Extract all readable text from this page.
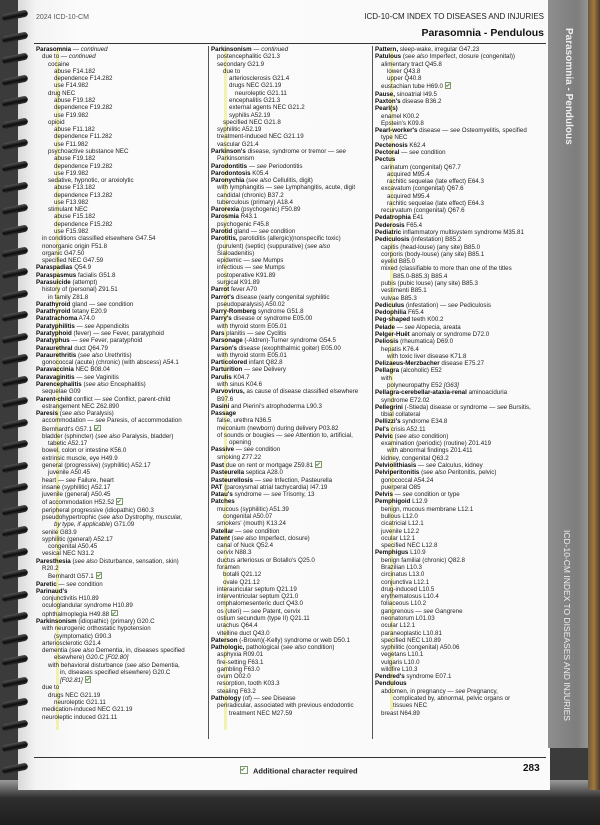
Parasomnia - Pendulous
ICD-10-CM INDEX TO DISEASES AND INJURIES
2024 ICD-10-CM	ICD-10-CM INDEX TO DISEASES AND INJURIES
Parasomnia - Pendulous
Parasomnia — continued
due to — continued
cocaine
abuse F14.182
dependence F14.282
use F14.982
drug NEC
abuse F19.182
dependence F19.282
use F19.982
opioid
abuse F11.182
dependence F11.282
use F11.982
psychoactive substance NEC
abuse F19.182
dependence F19.282
use F19.982
sedative, hypnotic, or anxiolytic
abuse F13.182
dependence F13.282
use F13.982
stimulant NEC
abuse F15.182
dependence F15.282
use F15.982
in conditions classified elsewhere G47.54
nonorganic origin F51.8
organic G47.50
specified NEC G47.59
Paraspadias Q54.9
Paraspasmus facialis G51.8
Parasuicide (attempt)
history of (personal) Z91.51
in family Z81.8
Parathyroid gland — see condition
Parathyroid tetany E20.9
Paratrachoma A74.0
Paratyphilitis — see Appendicitis
Paratyphoid (fever) — see Fever, paratyphoid
Paratyphus — see Fever, paratyphoid
Paraurethral duct Q64.79
Paraurethritis (see also Urethritis)
gonococcal (acute) (chronic) (with abscess) A54.1
Paravaccinia NEC B08.04
Paravaginitis — see Vaginitis
Parencephalitis (see also Encephalitis)
sequelae G09
Parent-child conflict — see Conflict, parent-child
estrangement NEC Z62.890
Paresis (see also Paralysis)
accommodation — see Paresis, of accommodation
Bernhardt's G57.1
bladder (sphincter) (see also Paralysis, bladder)
tabetic A52.17
bowel, colon or intestine K56.0
extrinsic muscle, eye H49.9
general (progressive) (syphilitic) A52.17
juvenile A50.45
heart — see Failure, heart
insane (syphilitic) A52.17
juvenile (general) A50.45
of accommodation H52.52
peripheral progressive (idiopathic) G60.3
pseudohypertrophic (see also Dystrophy, muscular,
by type, if applicable) G71.09
senile G83.9
syphilitic (general) A52.17
congenital A50.45
vesical NEC N31.2
Paresthesia (see also Disturbance, sensation, skin)
R20.2
Bernhardt G57.1
Paretic — see condition
Parinaud's
conjunctivitis H10.89
oculoglandular syndrome H10.89
ophthalmoplegia H49.88
Parkinsonism (idiopathic) (primary) G20.C
with neurogenic orthostatic hypotension
(symptomatic) G90.3
arteriosclerotic G21.4
dementia (see also Dementia, in, diseases specified
elsewhere) G20.C [F02.80]
with behavioral disturbance (see also Dementia,
in, diseases specified elsewhere) G20.C
[F02.81]
due to
drugs NEC G21.19
neuroleptic G21.11
medication-induced NEC G21.19
neuroleptic induced G21.11
Parkinsonism — continued
postencephalitic G21.3
secondary G21.9
due to
arteriosclerosis G21.4
drugs NEC G21.19
neuroleptic G21.11
encephalitis G21.3
external agents NEC G21.2
syphilis A52.19
specified NEC G21.8
syphilitic A52.19
treatment-induced NEC G21.19
vascular G21.4
Parkinson's disease, syndrome or tremor — see
Parkinsonism
Parodontitis — see Periodontitis
Parodontosis K05.4
Paronychia (see also Cellulitis, digit)
with lymphangitis — see Lymphangitis, acute, digit
candidal (chronic) B37.2
tuberculous (primary) A18.4
Parorexia (psychogenic) F50.89
Parosmia R43.1
psychogenic F45.8
Parotid gland — see condition
Parotitis, parotiditis (allergic)(nonspecific toxic)
(purulent) (septic) (suppurative) (see also
Sialoadenitis)
epidemic — see Mumps
infectious — see Mumps
postoperative K91.89
surgical K91.89
Parrot fever A70
Parrot's disease (early congenital syphilitic
pseudoparalysis) A50.02
Parry-Romberg syndrome G51.8
Parry's disease or syndrome E05.00
with thyroid storm E05.01
Pars planitis — see Cyclitis
Parsonage (-Aldren)-Turner syndrome G54.5
Parson's disease (exophthalmic goiter) E05.00
with thyroid storm E05.01
Particolored infant Q82.8
Parturition — see Delivery
Parulis K04.7
with sinus K04.6
Parvovirus, as cause of disease classified elsewhere
B97.6
Pasini and Pierini's atrophoderma L90.3
Passage
false, urethra N36.5
meconium (newborn) during delivery P03.82
of sounds or bougies — see Attention to, artificial,
opening
Passive — see condition
smoking Z77.22
Past due on rent or mortgage Z59.81
Pasteurella septica A28.0
Pasteurellosis — see Infection, Pasteurella
PAT (paroxysmal atrial tachycardia) I47.19
Patau's syndrome — see Trisomy, 13
Patches
mucous (syphilitic) A51.39
congenital A50.07
smokers' (mouth) K13.24
Patellar — see condition
Patent (see also Imperfect, closure)
canal of Nuck Q52.4
cervix N88.3
ductus arteriosus or Botallo's Q25.0
foramen
botalli Q21.12
ovale Q21.12
interauricular septum Q21.19
interventricular septum Q21.0
omphalomesenteric duct Q43.0
os (uteri) — see Patent, cervix
ostium secundum (type II) Q21.11
urachus Q64.4
vitelline duct Q43.0
Paterson (-Brown)(-Kelly) syndrome or web D50.1
Pathologic, pathological (see also condition)
asphyxia R09.01
fire-setting F63.1
gambling F63.0
ovum O02.0
resorption, tooth K03.3
stealing F63.2
Pathology (of) — see Disease
periradicular, associated with previous endodontic
treatment NEC M27.59
Pattern, sleep-wake, irregular G47.23
Patulous (see also Imperfect, closure (congenital))
alimentary tract Q45.8
lower Q43.8
upper Q40.8
eustachian tube H69.0
Pause, sinoatrial I49.5
Paxton's disease B36.2
Pearl(s)
enamel K00.2
Epstein's K09.8
Pearl-worker's disease — see Osteomyelitis, specified
type NEC
Pectenosis K62.4
Pectoral — see condition
Pectus
carinatum (congenital) Q67.7
acquired M95.4
rachitic sequelae (late effect) E64.3
excavatum (congenital) Q67.6
acquired M95.4
rachitic sequelae (late effect) E64.3
recurvatum (congenital) Q67.6
Pedatrophia E41
Pederosis F65.4
Pediatric inflammatory multisystem syndrome M35.81
Pediculosis (infestation) B85.2
capitis (head-louse) (any site) B85.0
corporis (body-louse) (any site) B85.1
eyelid B85.0
mixed (classifiable to more than one of the titles
B85.0-B85.3) B85.4
pubis (pubic louse) (any site) B85.3
vestimenti B85.1
vulvae B85.3
Pediculus (infestation) — see Pediculosis
Pedophilia F65.4
Peg-shaped teeth K00.2
Pelade — see Alopecia, areata
Pelger-Huët anomaly or syndrome D72.0
Peliosis (rheumatica) D69.0
hepatis K76.4
with toxic liver disease K71.8
Pelizaeus-Merzbacher disease E75.27
Pellagra (alcoholic) E52
with
polyneuropathy E52 [G63]
Pellagra-cerebellar-ataxia-renal aminoaciduria
syndrome E72.02
Pellegrini (-Stieda) disease or syndrome — see Bursitis,
tibial collateral
Pellizzi's syndrome E34.8
Pel's crisis A52.11
Pelvic (see also condition)
examination (periodic) (routine) Z01.419
with abnormal findings Z01.411
kidney, congenital Q63.2
Pelviolithiasis — see Calculus, kidney
Pelviperitonitis (see also Peritonitis, pelvic)
gonococcal A54.24
puerperal O85
Pelvis — see condition or type
Pemphigoid L12.9
benign, mucous membrane L12.1
bullous L12.0
cicatricial L12.1
juvenile L12.2
ocular L12.1
specified NEC L12.8
Pemphigus L10.9
benign familial (chronic) Q82.8
Brazilian L10.3
circinatus L13.0
conjunctiva L12.1
drug-induced L10.5
erythematosus L10.4
foliaceous L10.2
gangrenous — see Gangrene
neonatorum L01.03
ocular L12.1
paraneoplastic L10.81
specified NEC L10.89
syphilitic (congenital) A50.06
vegetans L10.1
vulgaris L10.0
wildfire L10.3
Pendred's syndrome E07.1
Pendulous
abdomen, in pregnancy — see Pregnancy,
complicated by, abnormal, pelvic organs or
tissues NEC
breast N64.89
Additional character required	283
